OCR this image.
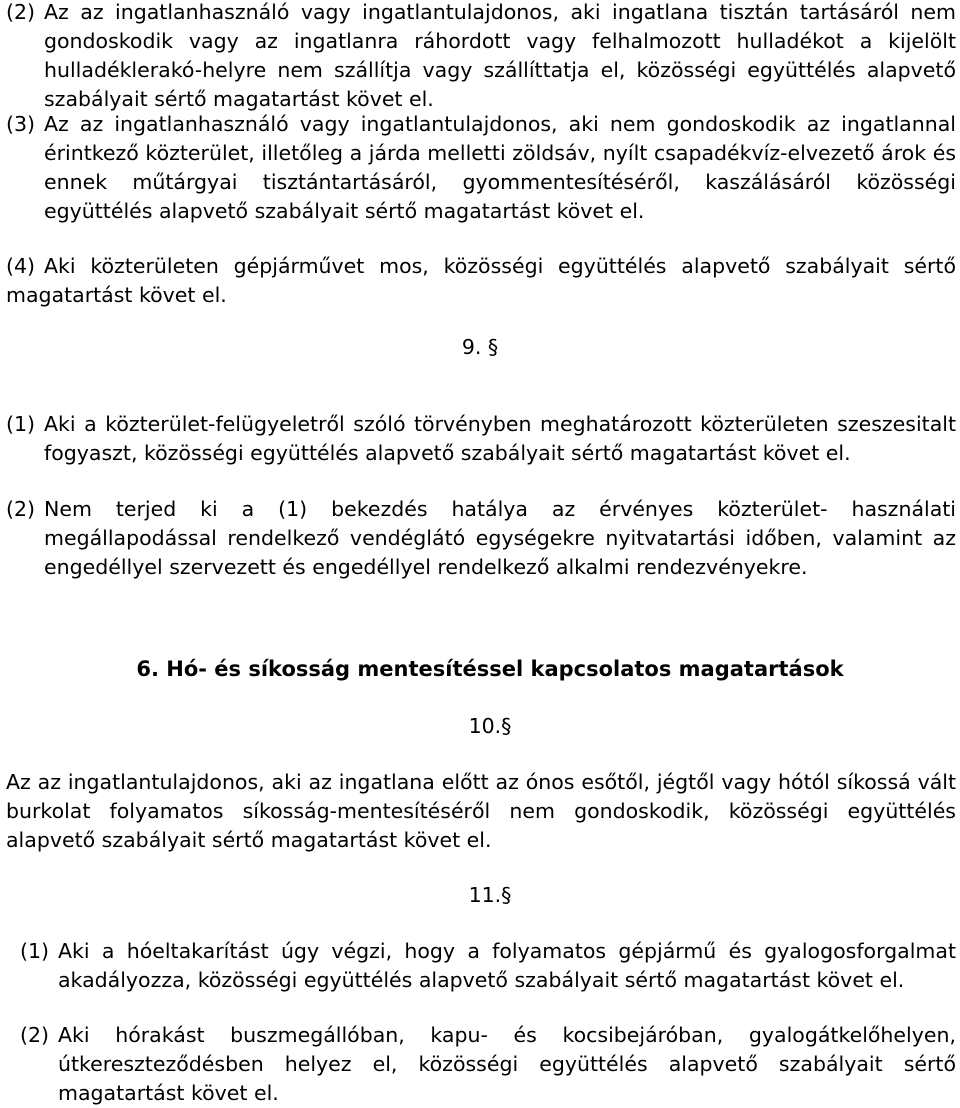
(2) Az az ingatlanhasználó vagy ingatlantulajdonos, aki ingatlana tisztán tartásáról nem gondoskodik vagy az ingatlanra ráhordott vagy felhalmozott hulladékot a kijelölt hulladéklerakó-helyre nem szállítja vagy szállíttatja el, közösségi együttélés alapvető szabályait sértő magatartást követ el.
(3) Az az ingatlanhasználó vagy ingatlantulajdonos, aki nem gondoskodik az ingatlannal érintkező közterület, illetőleg a járda melletti zöldsáv, nyílt csapadékvíz-elvezető árok és ennek műtárgyai tisztántartásáról, gyommentesítéséről, kaszálásáról közösségi együttélés alapvető szabályait sértő magatartást követ el.
(4) Aki közterületen gépjárművet mos, közösségi együttélés alapvető szabályait sértő magatartást követ el.
9. §
(1) Aki a közterület-felügyeletről szóló törvényben meghatározott közterületen szeszesitalt fogyaszt, közösségi együttélés alapvető szabályait sértő magatartást követ el.
(2) Nem terjed ki a (1) bekezdés hatálya az érvényes közterület- használati megállapodással rendelkező vendéglátó egységekre nyitvatartási időben, valamint az engedéllyel szervezett és engedéllyel rendelkező alkalmi rendezvényekre.
6. Hó- és síkosság mentesítéssel kapcsolatos magatartások
10.§
Az az ingatlantulajdonos, aki az ingatlana előtt az ónos esőtől, jégtől vagy hótól síkossá vált burkolat folyamatos síkosság-mentesítéséről nem gondoskodik, közösségi együttélés alapvető szabályait sértő magatartást követ el.
11.§
(1) Aki a hóeltakarítást úgy végzi, hogy a folyamatos gépjármű és gyalogosforgalmat akadályozza, közösségi együttélés alapvető szabályait sértő magatartást követ el.
(2) Aki hórakást buszmegállóban, kapu- és kocsibejáróban, gyalogátkelőhelyen, útkereszteződésben helyez el, közösségi együttélés alapvető szabályait sértő magatartást követ el.
